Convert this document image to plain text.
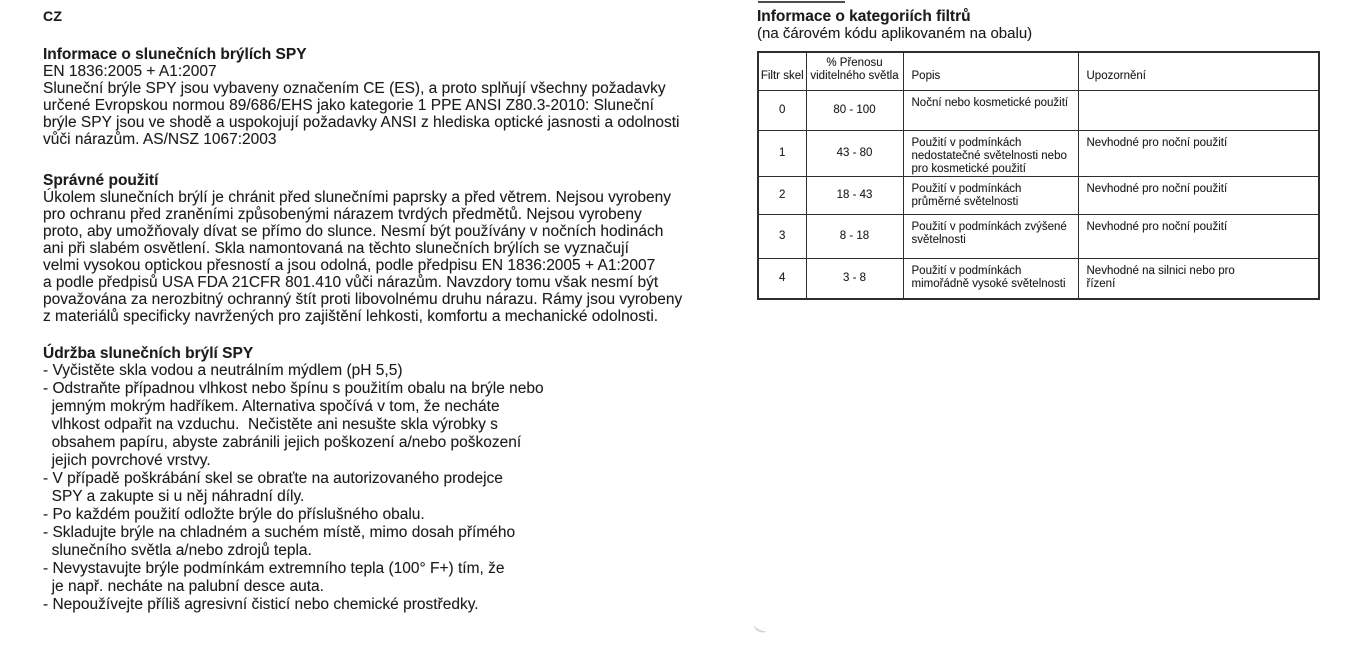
CZ
Informace o slunečních brýlích SPY
EN 1836:2005 + A1:2007
Sluneční brýle SPY jsou vybaveny označením CE (ES), a proto splňují všechny požadavky
určené Evropskou normou 89/686/EHS jako kategorie 1 PPE ANSI Z80.3-2010: Sluneční
brýle SPY jsou ve shodě a uspokojují požadavky ANSI z hlediska optické jasnosti a odolnosti
vůči nárazům. AS/NSZ 1067:2003
Správné použití
Úkolem slunečních brýlí je chránit před slunečními paprsky a před větrem. Nejsou vyrobeny
pro ochranu před zraněními způsobenými nárazem tvrdých předmětů. Nejsou vyrobeny
proto, aby umožňovaly dívat se přímo do slunce. Nesmí být používány v nočních hodinách
ani při slabém osvětlení. Skla namontovaná na těchto slunečních brýlích se vyznačují
velmi vysokou optickou přesností a jsou odolná, podle předpisu EN 1836:2005 + A1:2007
a podle předpisů USA FDA 21CFR 801.410 vůči nárazům. Navzdory tomu však nesmí být
považována za nerozbitný ochranný štít proti libovolnému druhu nárazu. Rámy jsou vyrobeny
z materiálů specificky navržených pro zajištění lehkosti, komfortu a mechanické odolnosti.
Údržba slunečních brýlí SPY
- Vyčistěte skla vodou a neutrálním mýdlem (pH 5,5)
- Odstraňte případnou vlhkost nebo špínu s použitím obalu na brýle nebo
jemným mokrým hadříkem. Alternativa spočívá v tom, že necháte
vlhkost odpařit na vzduchu.  Nečistěte ani nesušte skla výrobky s
obsahem papíru, abyste zabránili jejich poškození a/nebo poškození
jejich povrchové vrstvy.
- V případě poškrábání skel se obraťte na autorizovaného prodejce
SPY a zakupte si u něj náhradní díly.
- Po každém použití odložte brýle do příslušného obalu.
- Skladujte brýle na chladném a suchém místě, mimo dosah přímého
slunečního světla a/nebo zdrojů tepla.
- Nevystavujte brýle podmínkám extremního tepla (100° F+) tím, že
je např. necháte na palubní desce auta.
- Nepoužívejte příliš agresivní čisticí nebo chemické prostředky.
Informace o kategoriích filtrů
(na čárovém kódu aplikovaném na obalu)
Filtr skel	% Přenosu viditelného světla	Popis	Upozornění
0	80 - 100	Noční nebo kosmetické použití	
1	43 - 80	Použití v podmínkách nedostatečné světelnosti nebo pro kosmetické použití	Nevhodné pro noční použití
2	18 - 43	Použití v podmínkách průměrné světelnosti	Nevhodné pro noční použití
3	8 - 18	Použití v podmínkách zvýšené světelnosti	Nevhodné pro noční použití
4	3 - 8	Použití v podmínkách mimořádně vysoké světelnosti	Nevhodné na silnici nebo pro řízení
